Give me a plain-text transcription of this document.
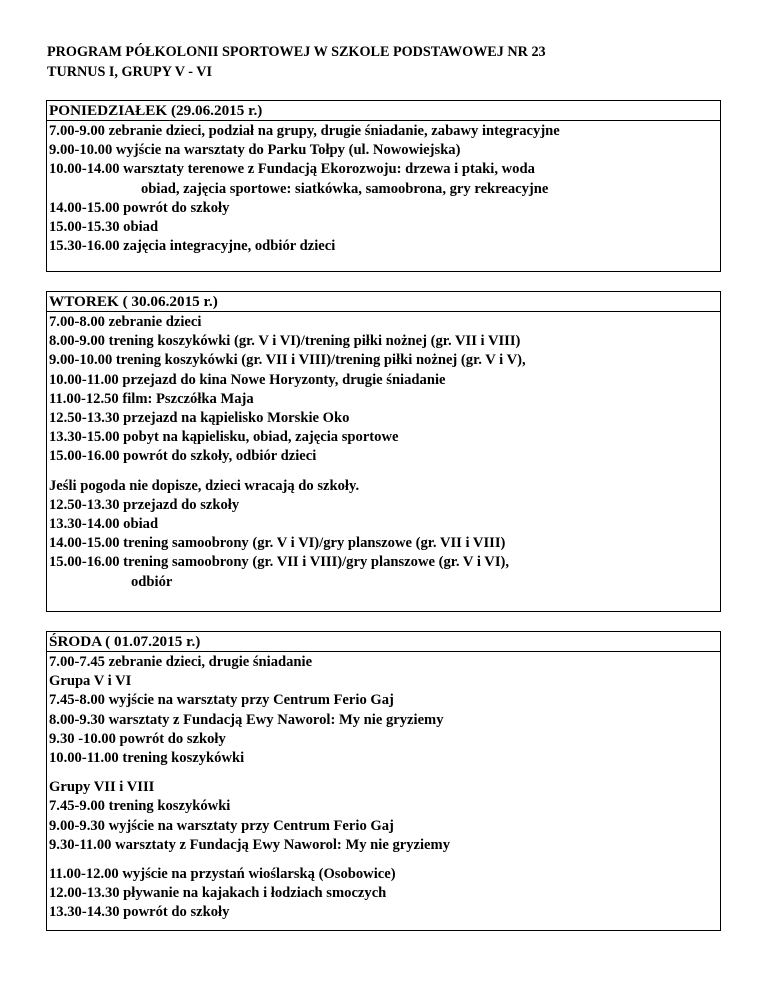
PROGRAM PÓŁKOLONII SPORTOWEJ W SZKOLE PODSTAWOWEJ NR 23
TURNUS I, GRUPY V - VI
PONIEDZIAŁEK (29.06.2015 r.)
7.00-9.00 zebranie dzieci, podział na grupy, drugie śniadanie, zabawy integracyjne
9.00-10.00 wyjście na warsztaty do Parku Tołpy (ul. Nowowiejska)
10.00-14.00 warsztaty terenowe z Fundacją Ekorozwoju: drzewa i ptaki, woda
obiad, zajęcia sportowe: siatkówka, samoobrona, gry rekreacyjne
14.00-15.00 powrót do szkoły
15.00-15.30 obiad
15.30-16.00 zajęcia integracyjne, odbiór dzieci
WTOREK ( 30.06.2015 r.)
7.00-8.00 zebranie dzieci
8.00-9.00 trening koszykówki (gr. V i VI)/trening piłki nożnej (gr. VII i VIII)
9.00-10.00 trening koszykówki (gr. VII i VIII)/trening piłki nożnej (gr. V i V),
10.00-11.00 przejazd do kina Nowe Horyzonty, drugie śniadanie
11.00-12.50 film: Pszczółka Maja
12.50-13.30 przejazd na kąpielisko Morskie Oko
13.30-15.00 pobyt na kąpielisku, obiad, zajęcia sportowe
15.00-16.00 powrót do szkoły, odbiór dzieci
Jeśli pogoda nie dopisze, dzieci wracają do szkoły.
12.50-13.30 przejazd do szkoły
13.30-14.00 obiad
14.00-15.00 trening samoobrony (gr. V i VI)/gry planszowe (gr. VII i VIII)
15.00-16.00 trening samoobrony (gr. VII i VIII)/gry planszowe (gr. V i VI),
odbiór
ŚRODA ( 01.07.2015 r.)
7.00-7.45 zebranie dzieci, drugie śniadanie
Grupa V i VI
7.45-8.00 wyjście na warsztaty przy Centrum Ferio Gaj
8.00-9.30 warsztaty z Fundacją Ewy Naworol: My nie gryziemy
9.30 -10.00 powrót do szkoły
10.00-11.00 trening koszykówki
Grupy VII i VIII
7.45-9.00 trening koszykówki
9.00-9.30 wyjście na warsztaty przy Centrum Ferio Gaj
9.30-11.00 warsztaty z Fundacją Ewy Naworol: My nie gryziemy
11.00-12.00 wyjście na przystań wioślarską (Osobowice)
12.00-13.30 pływanie na kajakach i łodziach smoczych
13.30-14.30 powrót do szkoły
